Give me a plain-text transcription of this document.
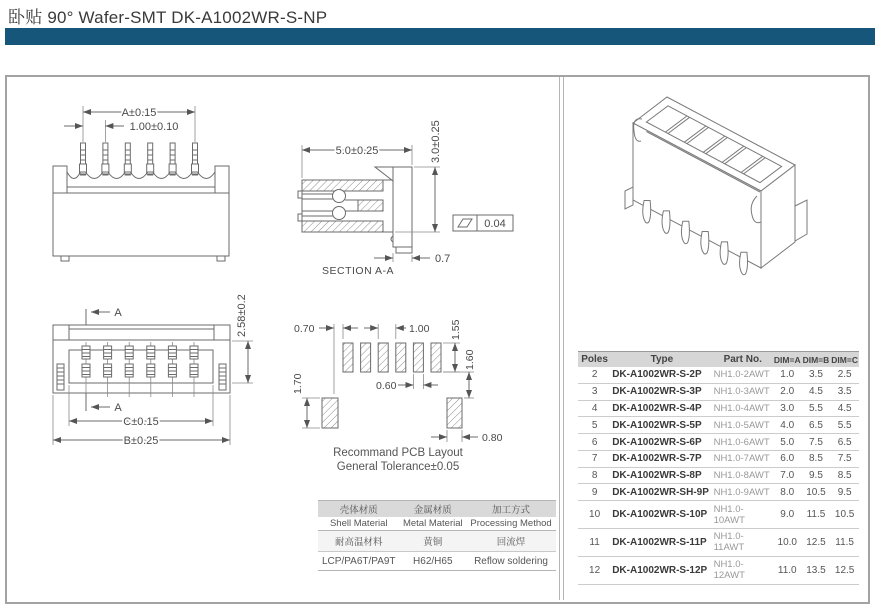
卧贴 90° Wafer-SMT DK-A1002WR-S-NP
A±0.15
1.00±0.10
5.0±0.25	3.0±0.25
0.7
0.04
SECTION A-A
A
A
C±0.15
B±0.25
2.58±0.2	0.70	1.00 1.55
1.60
0.60
1.70
0.80
Recommand PCB Layout
General Tolerance±0.05
壳体材质	金属材质	加工方式
Shell Material	Metal Material	Processing Method
耐高温材料	黄铜	回流焊
LCP/PA6T/PA9T	H62/H65	Reflow soldering
Poles	Type	Part No.	DIM=A	DIM=B	DIM=C
2	DK-A1002WR-S-2P	NH1.0-2AWT	1.0	3.5	2.5
3	DK-A1002WR-S-3P	NH1.0-3AWT	2.0	4.5	3.5
4	DK-A1002WR-S-4P	NH1.0-4AWT	3.0	5.5	4.5
5	DK-A1002WR-S-5P	NH1.0-5AWT	4.0	6.5	5.5
6	DK-A1002WR-S-6P	NH1.0-6AWT	5.0	7.5	6.5
7	DK-A1002WR-S-7P	NH1.0-7AWT	6.0	8.5	7.5
8	DK-A1002WR-S-8P	NH1.0-8AWT	7.0	9.5	8.5
9	DK-A1002WR-SH-9P	NH1.0-9AWT	8.0	10.5	9.5
10	DK-A1002WR-S-10P	NH1.0-10AWT	9.0	11.5	10.5
11	DK-A1002WR-S-11P	NH1.0-11AWT	10.0	12.5	11.5
12	DK-A1002WR-S-12P	NH1.0-12AWT	11.0	13.5	12.5
